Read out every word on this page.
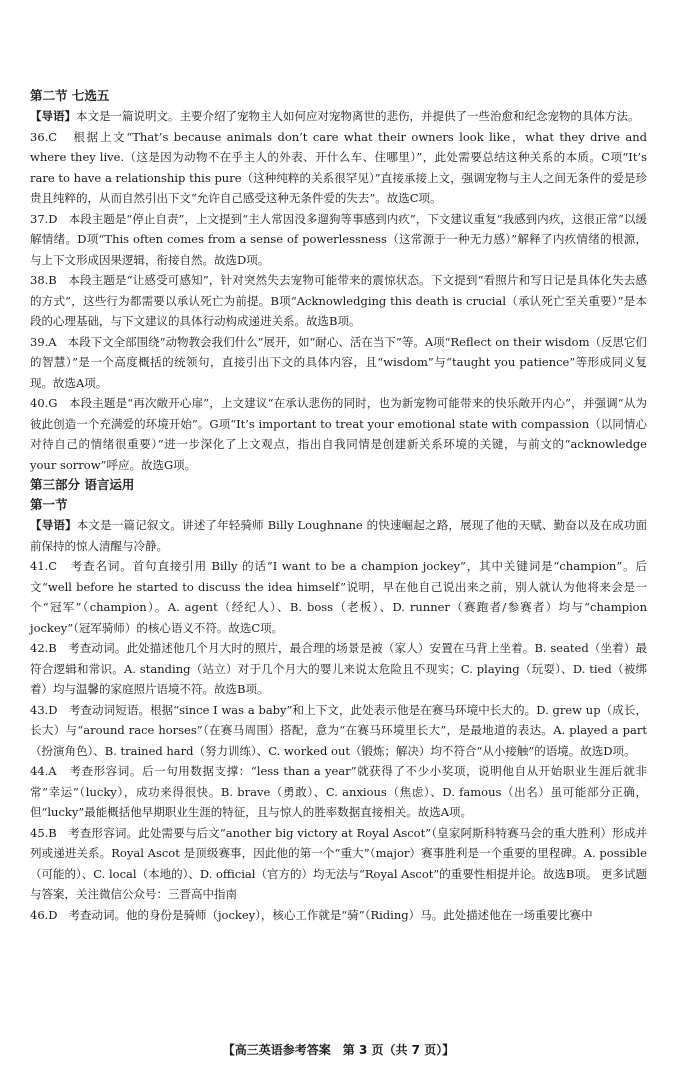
第二节 七选五

【导语】本文是一篇说明文。主要介绍了宠物主人如何应对宠物离世的悲伤，并提供了一些治愈和纪念宠物的具体方法。

36.C 根据上文“That’s because animals don’t care what their owners look like，what they drive and where they live.（这是因为动物不在乎主人的外表、开什么车、住哪里）”，此处需要总结这种关系的本质。C项“It’s rare to have a relationship this pure（这种纯粹的关系很罕见）”直接承接上文，强调宠物与主人之间无条件的爱是珍贵且纯粹的，从而自然引出下文“允许自己感受这种无条件爱的失去”。故选C项。

37.D 本段主题是“停止自责”，上文提到“主人常因没多遛狗等事感到内疚”，下文建议重复“我感到内疚，这很正常”以缓解情绪。D项“This often comes from a sense of powerlessness（这常源于一种无力感）”解释了内疚情绪的根源，与上下文形成因果逻辑，衔接自然。故选D项。

38.B 本段主题是“让感受可感知”，针对突然失去宠物可能带来的震惊状态。下文提到“看照片和写日记是具体化失去感的方式”，这些行为都需要以承认死亡为前提。B项“Acknowledging this death is crucial（承认死亡至关重要）”是本段的心理基础，与下文建议的具体行动构成递进关系。故选B项。

39.A 本段下文全部围绕“动物教会我们什么”展开，如“耐心、活在当下”等。A项“Reflect on their wisdom（反思它们的智慧）”是一个高度概括的统领句，直接引出下文的具体内容，且“wisdom”与“taught you patience”等形成同义复现。故选A项。

40.G 本段主题是“再次敞开心扉”，上文建议“在承认悲伤的同时，也为新宠物可能带来的快乐敞开内心”，并强调“从为彼此创造一个充满爱的环境开始”。G项“It’s important to treat your emotional state with compassion（以同情心对待自己的情绪很重要）”进一步深化了上文观点，指出自我同情是创建新关系环境的关键，与前文的“acknowledge your sorrow”呼应。故选G项。

第三部分 语言运用

第一节

【导语】本文是一篇记叙文。讲述了年轻骑师 Billy Loughnane 的快速崛起之路，展现了他的天赋、勤奋以及在成功面前保持的惊人清醒与冷静。

41.C 考查名词。首句直接引用 Billy 的话“I want to be a champion jockey”，其中关键词是“champion”。后文“well before he started to discuss the idea himself”说明，早在他自己说出来之前，别人就认为他将来会是一个“冠军”（champion）。A. agent（经纪人）、B. boss（老板）、D. runner（赛跑者/参赛者）均与“champion jockey”（冠军骑师）的核心语义不符。故选C项。

42.B 考查动词。此处描述他几个月大时的照片，最合理的场景是被（家人）安置在马背上坐着。B. seated（坐着）最符合逻辑和常识。A. standing（站立）对于几个月大的婴儿来说太危险且不现实；C. playing（玩耍）、D. tied（被绑着）均与温馨的家庭照片语境不符。故选B项。

43.D 考查动词短语。根据“since I was a baby”和上下文，此处表示他是在赛马环境中长大的。D. grew up（成长，长大）与“around race horses”（在赛马周围）搭配，意为“在赛马环境里长大”，是最地道的表达。A. played a part（扮演角色）、B. trained hard（努力训练）、C. worked out（锻炼；解决）均不符合“从小接触”的语境。故选D项。

44.A 考查形容词。后一句用数据支撑：“less than a year”就获得了不少小奖项，说明他自从开始职业生涯后就非常“幸运”（lucky），成功来得很快。B. brave（勇敢）、C. anxious（焦虑）、D. famous（出名）虽可能部分正确，但“lucky”最能概括他早期职业生涯的特征，且与惊人的胜率数据直接相关。故选A项。

45.B 考查形容词。此处需要与后文“another big victory at Royal Ascot”（皇家阿斯科特赛马会的重大胜利）形成并列或递进关系。Royal Ascot 是顶级赛事，因此他的第一个“重大”（major）赛事胜利是一个重要的里程碑。A. possible（可能的）、C. local（本地的）、D. official（官方的）均无法与“Royal Ascot”的重要性相提并论。故选B项。 更多试题与答案，关注微信公众号：三晋高中指南

46.D 考查动词。他的身份是骑师（jockey），核心工作就是“骑”（Riding）马。此处描述他在一场重要比赛中

【高三英语参考答案　第 3 页（共 7 页）】
